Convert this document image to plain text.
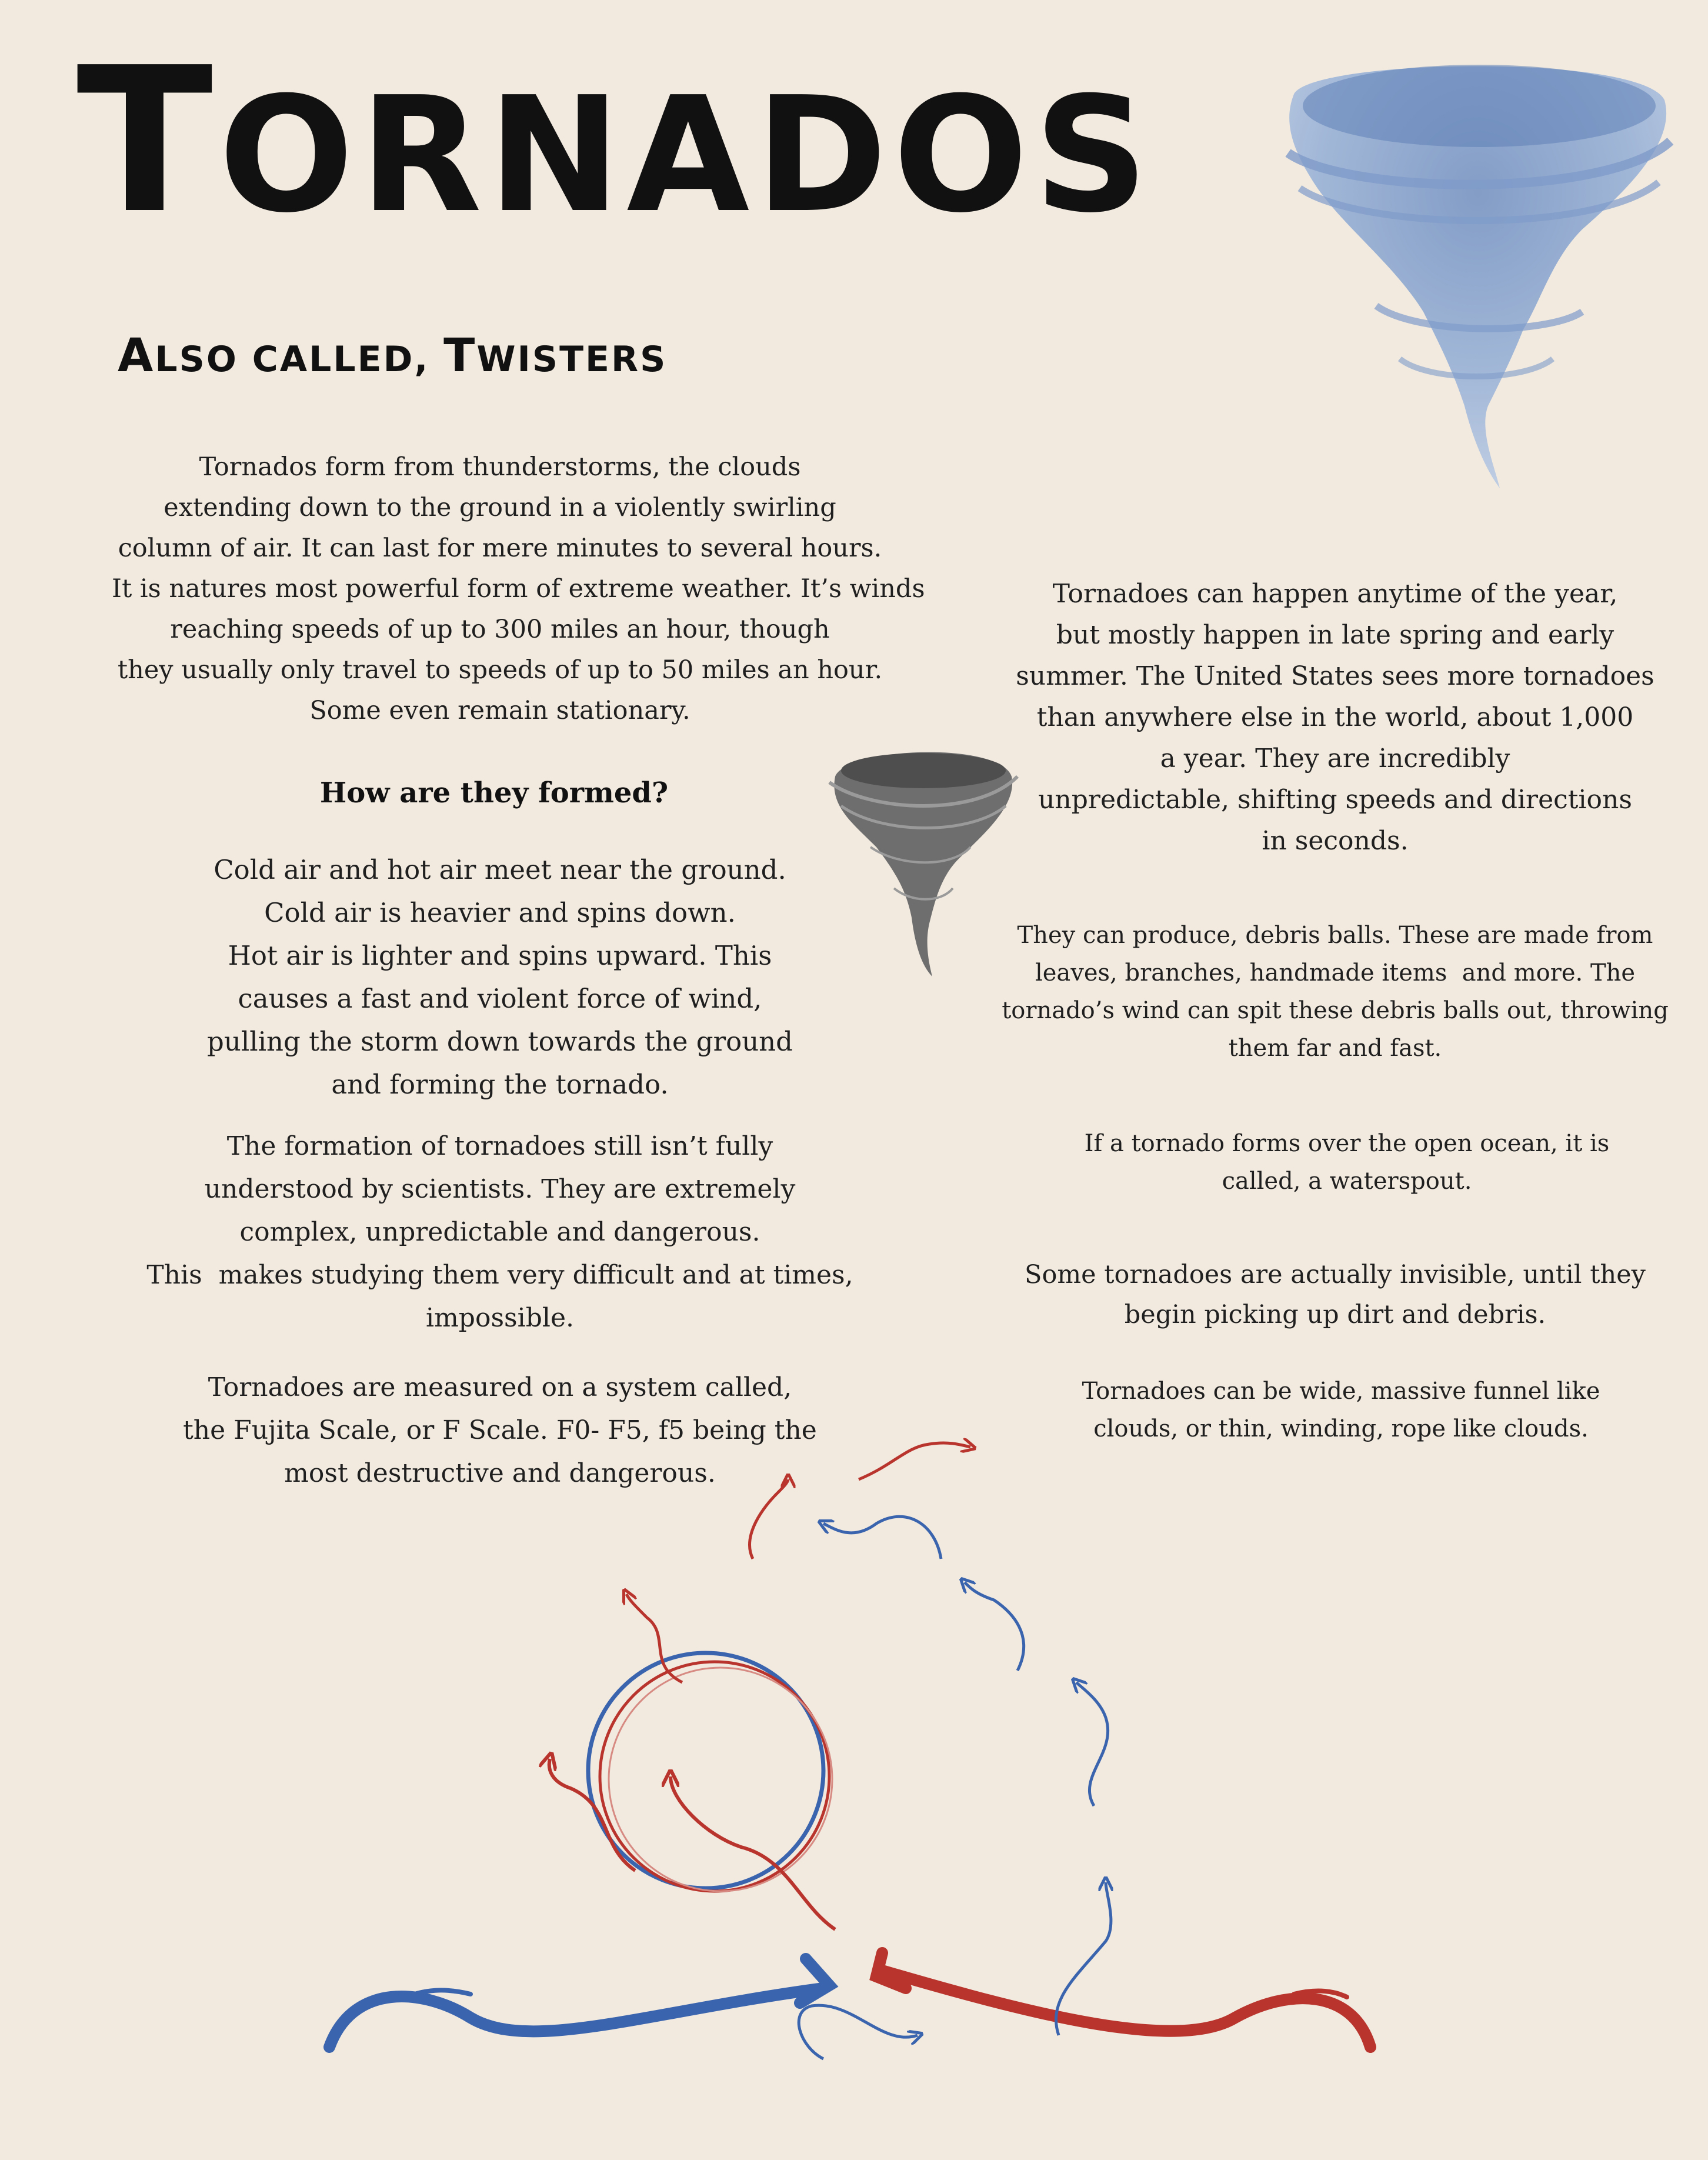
TORNADOS
ALSO CALLED, TWISTERS

Tornados form from thunderstorms, the clouds
extending down to the ground in a violently swirling
column of air. It can last for mere minutes to several hours.
It is natures most powerful form of extreme weather. It’s winds
reaching speeds of up to 300 miles an hour, though
they usually only travel to speeds of up to 50 miles an hour.
Some even remain stationary.

How are they formed?

Cold air and hot air meet near the ground.
Cold air is heavier and spins down.
Hot air is lighter and spins upward. This
causes a fast and violent force of wind,
pulling the storm down towards the ground
and forming the tornado.

The formation of tornadoes still isn’t fully
understood by scientists. They are extremely
complex, unpredictable and dangerous.
This  makes studying them very difficult and at times,
impossible.

Tornadoes are measured on a system called,
the Fujita Scale, or F Scale. F0- F5, f5 being the
most destructive and dangerous.

Tornadoes can happen anytime of the year,
but mostly happen in late spring and early
summer. The United States sees more tornadoes
than anywhere else in the world, about 1,000
a year. They are incredibly
unpredictable, shifting speeds and directions
in seconds.

They can produce, debris balls. These are made from
leaves, branches, handmade items  and more. The
tornado’s wind can spit these debris balls out, throwing
them far and fast.

If a tornado forms over the open ocean, it is
called, a waterspout.

Some tornadoes are actually invisible, until they
begin picking up dirt and debris.

Tornadoes can be wide, massive funnel like
clouds, or thin, winding, rope like clouds.
